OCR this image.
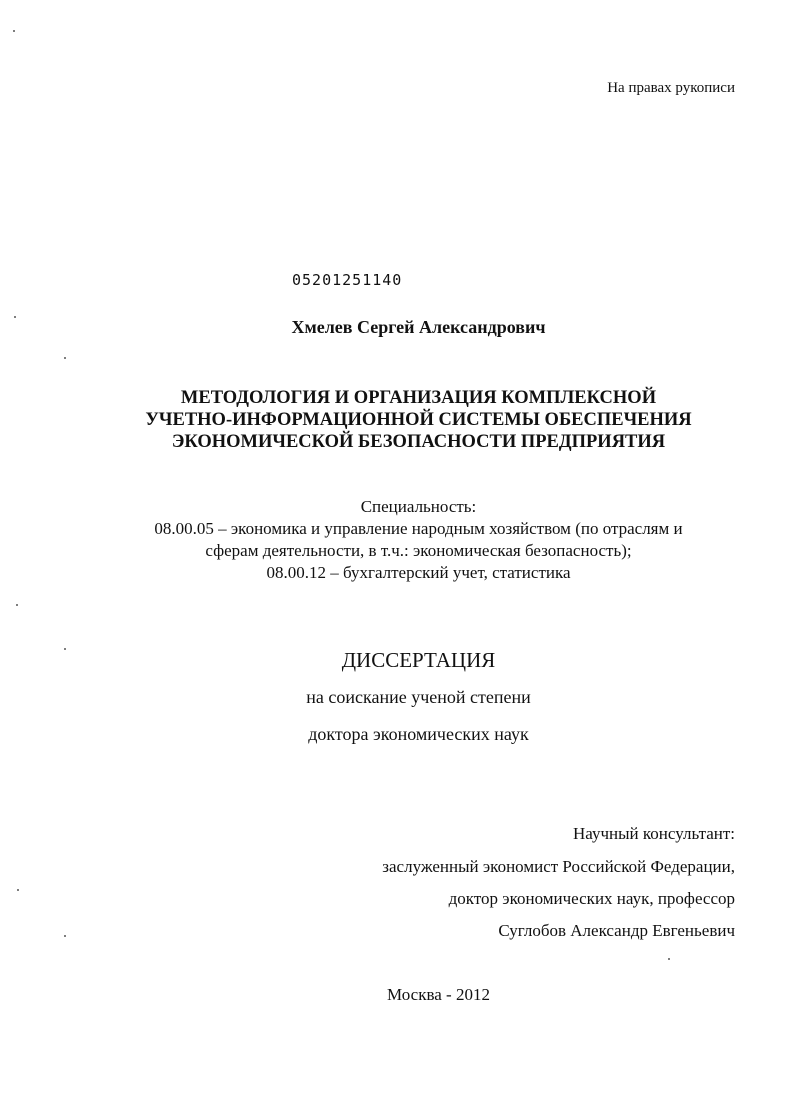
На правах рукописи
05201251140
Хмелев Сергей Александрович
МЕТОДОЛОГИЯ И ОРГАНИЗАЦИЯ КОМПЛЕКСНОЙ
УЧЕТНО-ИНФОРМАЦИОННОЙ СИСТЕМЫ ОБЕСПЕЧЕНИЯ
ЭКОНОМИЧЕСКОЙ БЕЗОПАСНОСТИ ПРЕДПРИЯТИЯ
Специальность:
08.00.05 – экономика и управление народным хозяйством (по отраслям и
сферам деятельности, в т.ч.: экономическая безопасность);
08.00.12 – бухгалтерский учет, статистика
ДИССЕРТАЦИЯ
на соискание ученой степени
доктора экономических наук
Научный консультант:
заслуженный экономист Российской Федерации,
доктор экономических наук, профессор
Суглобов Александр Евгеньевич
Москва - 2012
